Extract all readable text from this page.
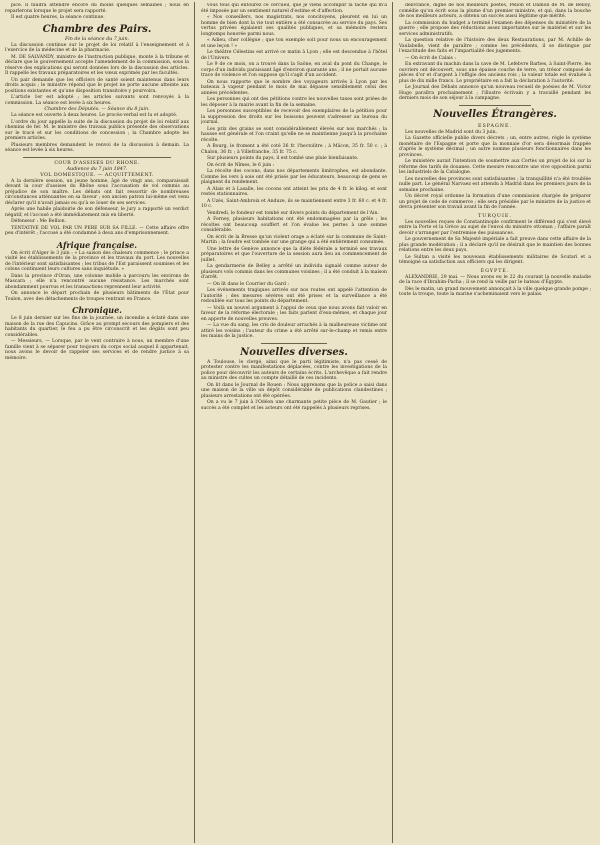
pice. Il faudra attendre encore du moins quelques semaines ; nous en reparlerons lorsque le projet sera rapporté.

Il est quatre heures, la séance continue.

Chambre des Pairs.
Fin de la séance du 7 juin.

La discussion continue sur le projet de loi relatif à l'enseignement et à l'exercice de la médecine et de la pharmacie.

M. DE SALVANDY, ministre de l'instruction publique, monte à la tribune et déclare que le gouvernement accepte l'amendement de la commission, sous la réserve des explications qui seront données lors de la discussion des articles. Il rappelle les travaux préparatoires et les vœux exprimés par les facultés.

Un pair demande que les officiers de santé soient maintenus dans leurs droits acquis ; le ministre répond que le projet ne porte aucune atteinte aux positions existantes et qu'une disposition transitoire y pourvoira.

L'article 1er est adopté ; les articles suivants sont renvoyés à la commission. La séance est levée à six heures.

Chambre des Députés. — Séance du 8 juin.

La séance est ouverte à deux heures. Le procès-verbal est lu et adopté.

L'ordre du jour appelle la suite de la discussion du projet de loi relatif aux chemins de fer. M. le ministre des travaux publics présente des observations sur le tracé et sur les conditions de concession ; la Chambre adopte les premiers articles.

Plusieurs membres demandent le renvoi de la discussion à demain. La séance est levée à six heures.

COUR D'ASSISES DU RHONE.
Audience du 7 juin 1847.
VOL DOMESTIQUE. — ACQUITTEMENT.

A la dernière session, un jeune homme, âgé de vingt ans, comparaissait devant la cour d'assises du Rhône sous l'accusation de vol commis au préjudice de son maître. Les débats ont fait ressortir de nombreuses circonstances atténuantes en sa faveur ; son ancien patron lui-même est venu déclarer qu'il n'avait jamais eu qu'à se louer de ses services.

Après une habile plaidoirie de son défenseur, le jury a rapporté un verdict négatif, et l'accusé a été immédiatement mis en liberté.

Défenseur : Me Bellion.

TENTATIVE DE VOL PAR UN PERE SUR SA FILLE. — Cette affaire offre peu d'intérêt ; l'accusé a été condamné à deux ans d'emprisonnement.

Afrique française.

On écrit d'Alger le 3 juin : « La saison des chaleurs commence ; le prince a visité les établissements de la province et les travaux du port. Les nouvelles de l'intérieur sont satisfaisantes ; les tribus de l'Est paraissent soumises et les colons continuent leurs cultures sans inquiétude. »

Dans la province d'Oran, une colonne mobile a parcouru les environs de Mascara ; elle n'a rencontré aucune résistance. Les marchés sont abondamment pourvus et les transactions reprennent leur activité.

On annonce le départ prochain de plusieurs bâtiments de l'État pour Toulon, avec des détachements de troupes rentrant en France.

Chronique.

Le 8 juin dernier sur les fins de la journée, un incendie a éclaté dans une maison de la rue des Capucins. Grâce au prompt secours des pompiers et des habitants du quartier, le feu a pu être circonscrit et les dégâts sont peu considérables.

— Messieurs, — Lorsque, par le vent contraire à nous, un membre d'une famille vient à se séparer pour toujours du corps social auquel il appartenait, nous avons le devoir de rappeler ses services et de rendre justice à sa mémoire.

vous tous qui entourez ce cercueil, que je viens accomplir la tâche qui m'a été imposée par un sentiment naturel d'estime et d'affection.

« Nos conseillers, nos magistrats, nos concitoyens, pleurent en lui un homme de bien dont la vie tout entière a été consacrée au service du pays. Ses vertus privées égalaient ses qualités publiques, et sa mémoire restera longtemps honorée parmi nous.

« Adieu, cher collègue ; que ton exemple soit pour nous un encouragement et une leçon ! »

Le théâtre Célestins est arrivé ce matin à Lyon ; elle est descendue à l'hôtel de l'Univers.

Le 9 de ce mois, on a trouvé dans la Saône, en aval du pont du Change, le corps d'un individu paraissant âgé d'environ quarante ans ; il ne portait aucune trace de violence et l'on suppose qu'il s'agit d'un accident.

On nous rapporte que le nombre des voyageurs arrivés à Lyon par les bateaux à vapeur pendant le mois de mai dépasse sensiblement celui des années précédentes.

Les personnes qui ont des pétitions contre les nouvelles taxes sont priées de les déposer à la mairie avant la fin de la semaine.

Les personnes susceptibles de recevoir des exemplaires de la pétition pour la suppression des droits sur les boissons peuvent s'adresser au bureau du journal.

Les prix des grains se sont considérablement élevés sur nos marchés ; la hausse est générale et l'on craint qu'elle ne se maintienne jusqu'à la prochaine récolte.

A Bourg, le froment a été coté 36 fr. l'hectolitre ; à Mâcon, 35 fr. 50 c. ; à Chalon, 36 fr. ; à Villefranche, 35 fr. 75 c.

Sur plusieurs points du pays, il est tombé une pluie bienfaisante.

On écrit de Nîmes, le 6 juin :

La récolte des cocons, dans nos départements limitrophes, est abondante. Comme les vers à soie ont été prisés par les éducateurs, beaucoup de gens se plaignent du rendement.

A Alais et à Lasalle, les cocons ont atteint les prix de 4 fr. le kilog. et sont restés stationnaires.

A Uzès, Saint-Ambroix et Anduze, ils se maintiennent entre 3 fr. 60 c. et 4 fr. 10 c.

Vendredi, le fondeur est tombé sur divers points du département de l'Ain.

A Ferney, plusieurs habitations ont été endommagées par la grêle ; les récoltes ont beaucoup souffert et l'on évalue les pertes à une somme considérable.

On écrit de la Bresse qu'un violent orage a éclaté sur la commune de Saint-Martin ; la foudre est tombée sur une grange qui a été entièrement consumée.

Une lettre de Genève annonce que la diète fédérale a terminé ses travaux préparatoires et que l'ouverture de la session aura lieu au commencement de juillet.

La gendarmerie de Belley a arrêté un individu signalé comme auteur de plusieurs vols commis dans les communes voisines ; il a été conduit à la maison d'arrêt.

— On lit dans le Courrier du Gard :

Les événements tragiques arrivés sur nos routes ont appelé l'attention de l'autorité ; des mesures sévères ont été prises et la surveillance a été redoublée sur tous les points du département.

— Voilà un nouvel argument à l'appui de ceux que nous avons fait valoir en faveur de la réforme électorale ; les faits parlent d'eux-mêmes, et chaque jour en apporte de nouvelles preuves.

— La vue du sang, les cris de douleur arrachés à la malheureuse victime ont attiré les voisins ; l'auteur du crime a été arrêté sur-le-champ et remis entre les mains de la justice.

Nouvelles diverses.

A Toulouse, le clergé, ainsi que le parti légitimiste, n'a pas cessé de protester contre les manifestations déplacées, contre les investigations de la police pour découvrir les auteurs de certains écrits. L'archevêque a fait rendre au ministre des cultes un compte détaillé de ces incidents.

On lit dans le Journal de Rouen : Nous apprenons que la police a saisi dans une maison de la ville un dépôt considérable de publications clandestines ; plusieurs arrestations ont été opérées.

On a vu le 7 juin à l'Odéon une charmante petite pièce de M. Gautier ; le succès a été complet et les acteurs ont été rappelés à plusieurs reprises.

délivrance, digne de nos meilleurs poètes, Pélion et Damon de M. de Belloy, comédie qu'on écrit sous la plume d'un premier ministre, et qui, dans la bouche de nos meilleurs acteurs, a obtenu un succès aussi légitime que mérité.

La commission du budget a terminé l'examen des dépenses du ministère de la guerre ; elle propose des réductions assez importantes sur le matériel et sur les services administratifs.

La question relative de l'histoire des deux Restaurations, par M. Achille de Vaulabelle, vient de paraître ; comme les précédents, il se distingue par l'exactitude des faits et l'impartialité des jugements.

— On écrit de Calais :

En extravant du machin dans la cave de M. Lefebvre Barbes, à Saint-Pierre, les ouvriers ont découvert, sous une épaisse couche de terre, un trésor composé de pièces d'or et d'argent à l'effigie des anciens rois ; la valeur totale est évaluée à plus de dix mille francs. Le propriétaire en a fait la déclaration à l'autorité.

Le Journal des Débats annonce qu'un nouveau recueil de poésies de M. Victor Hugo paraîtra prochainement ; l'illustre écrivain y a travaillé pendant les derniers mois de son séjour à la campagne.

Nouvelles Étrangères.
ESPAGNE.

Les nouvelles de Madrid sont du 3 juin.

La Gazette officielle publie divers décrets ; un, entre autres, règle le système monétaire de l'Espagne et porte que la monnaie d'or sera désormais frappée d'après le système décimal ; un autre nomme plusieurs fonctionnaires dans les provinces.

Le ministère aurait l'intention de soumettre aux Cortès un projet de loi sur la réforme des tarifs de douanes. Cette mesure rencontre une vive opposition parmi les industriels de la Catalogne.

Les nouvelles des provinces sont satisfaisantes ; la tranquillité n'a été troublée nulle part. Le général Narvaez est attendu à Madrid dans les premiers jours de la semaine prochaine.

Un décret royal ordonne la formation d'une commission chargée de préparer un projet de code de commerce ; elle sera présidée par le ministre de la justice et devra présenter son travail avant la fin de l'année.

TURQUIE.

Les nouvelles reçues de Constantinople confirment le différend qui s'est élevé entre la Porte et la Grèce au sujet de l'envoi du ministre ottoman ; l'affaire paraît devoir s'arranger par l'entremise des puissances.

Le gouvernement de Sa Majesté impériale a fait preuve dans cette affaire de la plus grande modération ; il a déclaré qu'il ne désirait que le maintien des bonnes relations entre les deux pays.

Le Sultan a visité les nouveaux établissements militaires de Scutari et a témoigné sa satisfaction aux officiers qui les dirigent.

ÉGYPTE.

ALEXANDRIE, 29 mai. — Nous avons eu le 22 du courant la nouvelle maladie de la race d'Ibrahim-Pacha ; il se rend la veille par le bateau d'Égypte.

Dès le matin, un grand mouvement annonçait à la ville quelque grande pompe ; toute la troupe, toute la marine s'acheminaient vers le palais.
